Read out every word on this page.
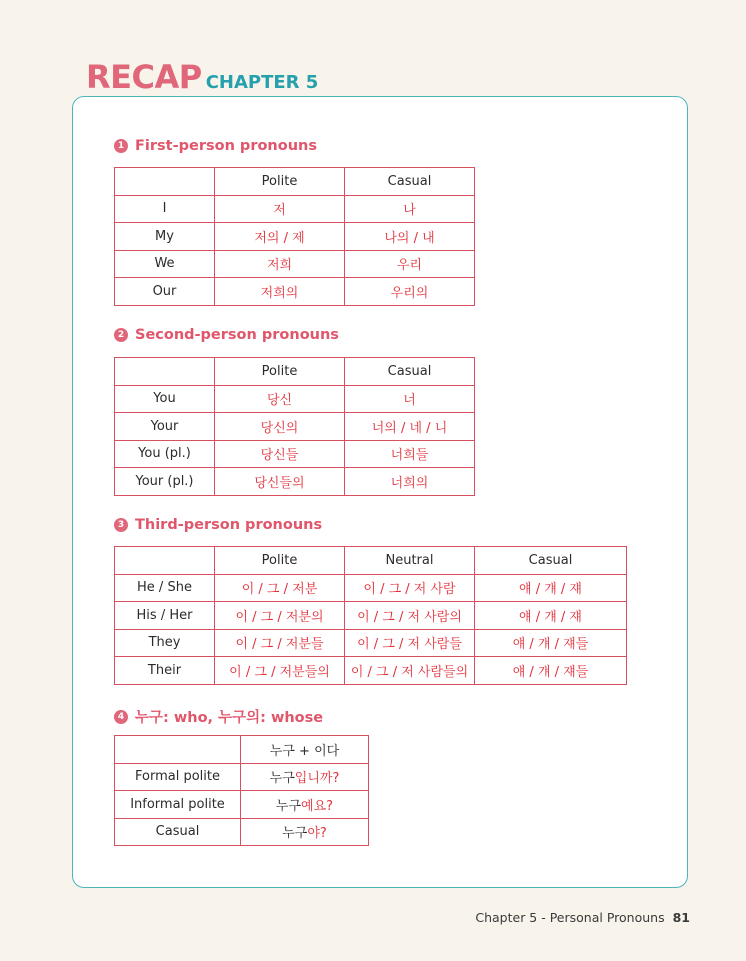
RECAP CHAPTER 5
1 First-person pronouns
	Polite	Casual
I	저	나
My	저의 / 제	나의 / 내
We	저희	우리
Our	저희의	우리의
2 Second-person pronouns
	Polite	Casual
You	당신	너
Your	당신의	너의 / 네 / 니
You (pl.)	당신들	너희들
Your (pl.)	당신들의	너희의
3 Third-person pronouns
	Polite	Neutral	Casual
He / She	이 / 그 / 저분	이 / 그 / 저 사람	얘 / 걔 / 쟤
His / Her	이 / 그 / 저분의	이 / 그 / 저 사람의	얘 / 걔 / 쟤
They	이 / 그 / 저분들	이 / 그 / 저 사람들	얘 / 걔 / 쟤들
Their	이 / 그 / 저분들의	이 / 그 / 저 사람들의	얘 / 걔 / 쟤들
4 누구: who, 누구의: whose
	누구 + 이다
Formal polite	누구입니까?
Informal polite	누구예요?
Casual	누구야?
Chapter 5 - Personal Pronouns 81
